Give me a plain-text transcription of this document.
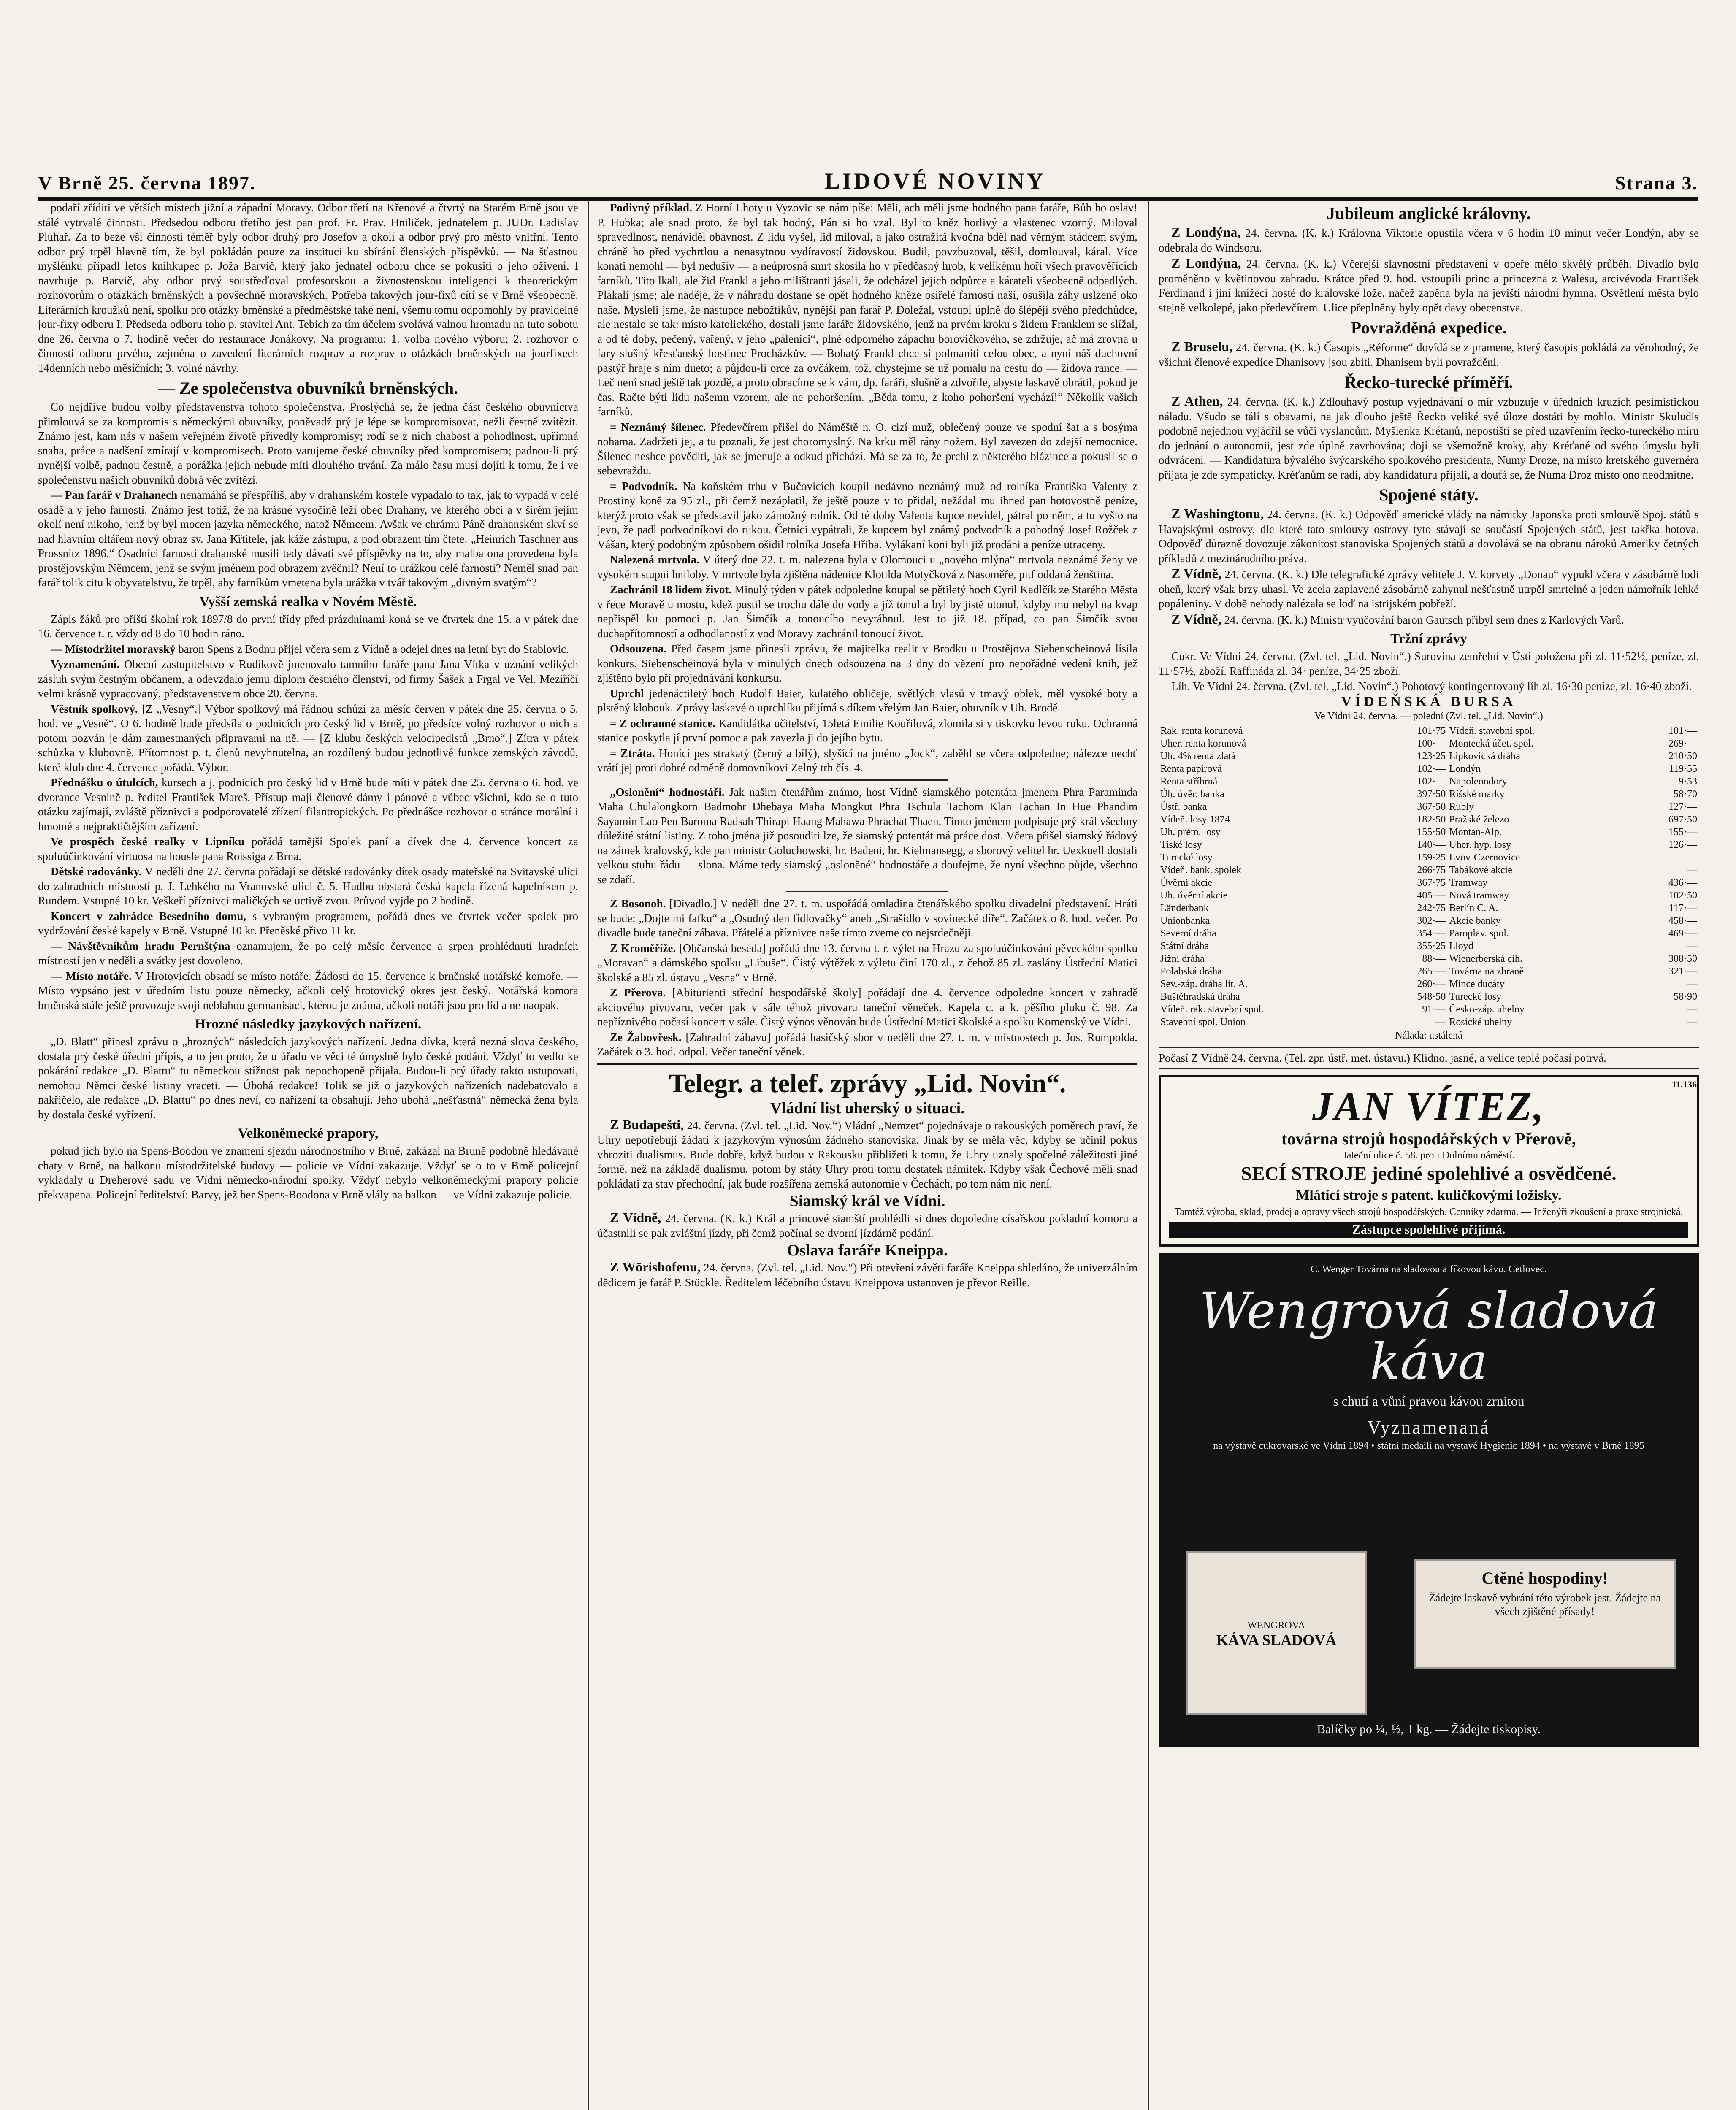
V Brně 25. června 1897.	LIDOVÉ NOVINY	Strana 3.

podaří zříditi ve větších místech jižní a západní Moravy. Odbor třetí na Křenové a čtvrtý na Starém Brně jsou ve stálé vytrvalé činnosti. Předsedou odboru třetího jest pan prof. Fr. Prav. Hniliček, jednatelem p. JUDr. Ladislav Pluhař. Za to beze vší činnosti téměř byly odbor druhý pro Josefov a okolí a odbor prvý pro město vnitřní. Tento odbor prý trpěl hlavně tím, že byl pokládán pouze za instituci ku sbírání členských příspěvků. — Na šťastnou myšlénku připadl letos knihkupec p. Joža Barvič, který jako jednatel odboru chce se pokusiti o jeho oživení. I navrhuje p. Barvič, aby odbor prvý soustřeďoval profesorskou a živnostenskou inteligenci k theoretickým rozhovorům o otázkách brněnských a povšechně moravských. Potřeba takových jour-fixů cítí se v Brně všeobecně. Literárních kroužků není, spolku pro otázky brněnské a předměstské také není, všemu tomu odpomohly by pravidelné jour-fixy odboru I. Předseda odboru toho p. stavitel Ant. Tebich za tím účelem svolává valnou hromadu na tuto sobotu dne 26. června o 7. hodině večer do restaurace Jonákovy. Na programu: 1. volba nového výboru; 2. rozhovor o činnosti odboru prvého, zejména o zavedení literárních rozprav a rozprav o otázkách brněnských na jourfixech 14denních nebo měsíčních; 3. volné návrhy.

— Ze společenstva obuvníků brněnských.

Co nejdříve budou volby představenstva tohoto společenstva. Proslýchá se, že jedna část českého obuvnictva přimlouvá se za kompromis s německými obuvníky, poněvadž prý je lépe se kompromisovat, nežli čestně zvítězit. Známo jest, kam nás v našem veřejném životě přivedly kompromisy; rodí se z nich chabost a pohodlnost, upřímná snaha, práce a nadšení zmírají v kompromisech. Proto varujeme české obuvníky před kompromisem; padnou-li prý nynější volbě, padnou čestně, a porážka jejich nebude míti dlouhého trvání. Za málo času musí dojíti k tomu, že i ve společenstvu našich obuvníků dobrá věc zvítězí.

— Pan farář v Drahanech nenamáhá se přespříliš, aby v drahanském kostele vypadalo to tak, jak to vypadá v celé osadě a v jeho farnosti. Známo jest totiž, že na krásné vysočině leží obec Drahany, ve kterého obci a v širém jejím okolí není nikoho, jenž by byl mocen jazyka německého, natož Němcem. Avšak ve chrámu Páně drahanském skví se nad hlavním oltářem nový obraz sv. Jana Křtitele, jak káže zástupu, a pod obrazem tím čtete: „Heinrich Taschner aus Prossnitz 1896.“ Osadníci farnosti drahanské musili tedy dávati své příspěvky na to, aby malba ona provedena byla prostějovským Němcem, jenž se svým jménem pod obrazem zvěčnil? Není to urážkou celé farnosti? Neměl snad pan farář tolik citu k obyvatelstvu, že trpěl, aby farníkům vmetena byla urážka v tvář takovým „divným svatým“?

Vyšší zemská realka v Novém Městě.

Zápis žáků pro příští školní rok 1897/8 do první třídy před prázdninami koná se ve čtvrtek dne 15. a v pátek dne 16. července t. r. vždy od 8 do 10 hodin ráno.

— Místodržitel moravský baron Spens z Bodnu přijel včera sem z Vídně a odejel dnes na letní byt do Stablovic.

Vyznamenání. Obecní zastupitelstvo v Rudíkově jmenovalo tamního faráře pana Jana Vítka v uznání velikých zásluh svým čestným občanem, a odevzdalo jemu diplom čestného členství, od firmy Šašek a Frgal ve Vel. Meziříčí velmi krásně vypracovaný, představenstvem obce 20. června.

Věstník spolkový. [Z „Vesny“.] Výbor spolkový má řádnou schůzi za měsíc červen v pátek dne 25. června o 5. hod. ve „Vesně“. O 6. hodině bude předsíla o podnicích pro český lid v Brně, po předsíce volný rozhovor o nich a potom pozván je dám zamestnaných připravami na ně. — [Z klubu českých velocipedistů „Brno“.] Zítra v pátek schůzka v klubovně. Přítomnost p. t. členů nevyhnutelna, an rozdílený budou jednotlivé funkce zemských závodů, které klub dne 4. července pořádá. Výbor.

Přednášku o útulcích, kursech a j. podnicích pro český lid v Brně bude míti v pátek dne 25. června o 6. hod. ve dvorance Vesnině p. ředitel František Mareš. Přístup mají členové dámy i pánové a vůbec všichni, kdo se o tuto otázku zajímají, zvláště příznivci a podporovatelé zřízení filantropických. Po přednášce rozhovor o stránce morální i hmotné a nejpraktičtějším zařízení.

Ve prospěch české realky v Lipníku pořádá tamější Spolek paní a dívek dne 4. července koncert za spoluúčinkování virtuosa na housle pana Roissiga z Brna.

Dětské radovánky. V neděli dne 27. června pořádají se dětské radovánky dítek osady mateřské na Svitavské ulici do zahradních místností p. J. Lehkého na Vranovské ulici č. 5. Hudbu obstará česká kapela řízená kapelníkem p. Rundem. Vstupné 10 kr. Veškeří příznivci maličkých se uctivě zvou. Průvod vyjde po 2 hodině.

Koncert v zahrádce Besedního domu, s vybraným programem, pořádá dnes ve čtvrtek večer spolek pro vydržování české kapely v Brně. Vstupné 10 kr. Přeněské přivo 11 kr.

— Návštěvníkům hradu Pernštýna oznamujem, že po celý měsíc červenec a srpen prohlédnutí hradních místností jen v neděli a svátky jest dovoleno.

— Místo notáře. V Hrotovicích obsadí se místo notáře. Žádosti do 15. července k brněnské notářské komoře. — Místo vypsáno jest v úředním listu pouze německy, ačkoli celý hrotovický okres jest český. Notářská komora brněnská stále ještě provozuje svoji neblahou germanisaci, kterou je známa, ačkoli notáři jsou pro lid a ne naopak.

Hrozné následky jazykových nařízení.

„D. Blatt“ přinesl zprávu o „hrozných“ následcích jazykových nařízení. Jedna dívka, která nezná slova českého, dostala prý české úřední přípis, a to jen proto, že u úřadu ve věci té úmyslně bylo české podání. Vždyť to vedlo ke pokárání redakce „D. Blattu“ tu německou stížnost pak nepochopeně přijala. Budou-li prý úřady takto ustupovati, nemohou Němci české listiny vraceti. — Úbohá redakce! Tolik se již o jazykových nařízeních nadebatovalo a nakřičelo, ale redakce „D. Blattu“ po dnes neví, co nařízení ta obsahují. Jeho ubohá „nešťastná“ německá žena byla by dostala české vyřízení.

Velkoněmecké prapory,

pokud jich bylo na Spens-Boodon ve znamení sjezdu národnostního v Brně, zakázal na Bruně podobně hledávané chaty v Brně, na balkonu místodržitelské budovy — policie ve Vídni zakazuje. Vždyť se o to v Brně policejní vykladaly u Dreherové sadu ve Vídni německo-národní spolky. Vždyť nebylo velkoněmeckými prapory policie překvapena. Policejní ředitelství: Barvy, jež ber Spens-Boodona v Brně vlály na balkon — ve Vídni zakazuje policie.

Podivný příklad. Z Horní Lhoty u Vyzovic se nám píše: Měli, ach měli jsme hodného pana faráře, Bůh ho oslav! P. Hubka; ale snad proto, že byl tak hodný, Pán si ho vzal. Byl to kněz horlivý a vlastenec vzorný. Miloval spravedlnost, nenáviděl obavnost. Z lidu vyšel, lid miloval, a jako ostražitá kvočna bděl nad věrným stádcem svým, chráně ho před vychrtlou a nenasytnou vydíravostí židovskou. Budil, povzbuzoval, těšil, domlouval, káral. Více konati nemohl — byl nedušív — a neúprosná smrt skosila ho v předčasný hrob, k velikému hoři všech pravověřících farníků. Tito lkali, ale žid Frankl a jeho milištranti jásali, že odcházel jejich odpůrce a kárateli všeobecně odpadlých. Plakali jsme; ale naděje, že v náhradu dostane se opět hodného kněze osiřelé farnosti naší, osušila záhy uslzené oko naše. Mysleli jsme, že nástupce nebožtíkův, nynější pan farář P. Doležal, vstoupí úplně do šlépějí svého předchůdce, ale nestalo se tak: místo katolického, dostali jsme faráře židovského, jenž na prvém kroku s židem Franklem se slížal, a od té doby, pečený, vařený, v jeho „pálenici“, plné odporného zápachu borovičkového, se zdržuje, ač má zrovna u fary slušný křesťanský hostinec Procházkův. — Bohatý Frankl chce si polmaniti celou obec, a nyní náš duchovní pastýř hraje s ním dueto; a půjdou-li orce za ovčákem, tož, chystejme se už pomalu na cestu do — židova rance. — Leč není snad ještě tak pozdě, a proto obracíme se k vám, dp. faráři, slušně a zdvořile, abyste laskavě obrátil, pokud je čas. Račte býti lidu našemu vzorem, ale ne pohoršením. „Běda tomu, z koho pohoršení vychází!“ Několik vašich farníků.

= Neznámý šílenec. Předevčírem přišel do Náměště n. O. cizí muž, oblečený pouze ve spodní šat a s bosýma nohama. Zadržeti jej, a tu poznali, že jest choromyslný. Na krku měl rány nožem. Byl zavezen do zdejší nemocnice. Šílenec neshce pověditi, jak se jmenuje a odkud přichází. Má se za to, že prchl z některého blázince a pokusil se o sebevraždu.

= Podvodník. Na koňském trhu v Bučovicích koupil nedávno neznámý muž od rolníka Františka Valenty z Prostiny koně za 95 zl., při čemž nezáplatil, že ještě pouze v to přidal, nežádal mu ihned pan hotovostně peníze, kterýž proto však se představil jako zámožný rolník. Od té doby Valenta kupce nevidel, pátral po něm, a tu vyšlo na jevo, že padl podvodníkovi do rukou. Četníci vypátrali, že kupcem byl známý podvodník a pohodný Josef Rožček z Vášan, který podobným způsobem ošidil rolníka Josefa Hřiba. Vylákaní koni byli již prodáni a peníze utraceny.

Nalezená mrtvola. V úterý dne 22. t. m. nalezena byla v Olomouci u „nového mlýna“ mrtvola neznámé ženy ve vysokém stupni hniloby. V mrtvole byla zjištěna nádenice Klotilda Motyčková z Nasoměře, pitf oddaná ženština.

Zachránil 18 lidem život. Minulý týden v pátek odpoledne koupal se pětiletý hoch Cyril Kadlčík ze Starého Města v řece Moravě u mostu, kdež pustil se trochu dále do vody a jíž tonul a byl by jistě utonul, kdyby mu nebyl na kvap nepřispěl ku pomoci p. Jan Šimčík a tonoucího nevytáhnul. Jest to již 18. případ, co pan Šimčík svou duchapřítomností a odhodlaností z vod Moravy zachránil tonoucí život.

Odsouzena. Před časem jsme přinesli zprávu, že majitelka realit v Brodku u Prostějova Siebenscheinová lísila konkurs. Siebenscheinová byla v minulých dnech odsouzena na 3 dny do vězení pro nepořádné vedení knih, jež zjištěno bylo při projednávání konkursu.

Uprchl jedenáctiletý hoch Rudolf Baier, kulatého obličeje, světlých vlasů v tmavý oblek, měl vysoké boty a plstěný klobouk. Zprávy laskavé o uprchlíku přijímá s díkem vřelým Jan Baier, obuvník v Uh. Brodě.

= Z ochranné stanice. Kandidátka učitelství, 15letá Emilie Kouřilová, zlomila si v tiskovku levou ruku. Ochranná stanice poskytla jí první pomoc a pak zavezla ji do jejího bytu.

= Ztráta. Honící pes strakatý (černý a bílý), slyšící na jméno „Jock“, zaběhl se včera odpoledne; nálezce nechť vrátí jej proti dobré odměně domovníkovi Zelný trh čís. 4.

„Oslonění“ hodnostáři. Jak našim čtenářům známo, host Vídně siamského potentáta jmenem Phra Paraminda Maha Chulalongkorn Badmohr Dhebaya Maha Mongkut Phra Tschula Tachom Klan Tachan In Hue Phandim Sayamin Lao Pen Baroma Radsah Thirapi Haang Mahawa Phrachat Thaen. Timto jménem podpisuje prý král všechny důležité státní listiny. Z toho jména již posouditi lze, že siamský potentát má práce dost. Včera přišel siamský řádový na zámek kralovský, kde pan ministr Goluchowski, hr. Badeni, hr. Kielmansegg, a sborový velitel hr. Uexkuell dostali velkou stuhu řádu — slona. Máme tedy siamský „osloněné“ hodnostáře a doufejme, že nyní všechno půjde, všechno se zdaří.

Z Bosonoh. [Divadlo.] V neděli dne 27. t. m. uspořádá omladina čtenářského spolku divadelní představení. Hráti se bude: „Dojte mi fafku“ a „Osudný den fidlovačky“ aneb „Strašidlo v sovinecké díře“. Začátek o 8. hod. večer. Po divadle bude taneční zábava. Přátelé a příznivce naše tímto zveme co nejsrdečněji.

Z Kroměříže. [Občanská beseda] pořádá dne 13. června t. r. výlet na Hrazu za spoluúčinkování pěveckého spolku „Moravan“ a dámského spolku „Libuše“. Čistý výtěžek z výletu činí 170 zl., z čehož 85 zl. zaslány Ústřední Matici školské a 85 zl. ústavu „Vesna“ v Brně.

Z Přerova. [Abiturienti střední hospodářské školy] pořádají dne 4. července odpoledne koncert v zahradě akciového pivovaru, večer pak v sále téhož pivovaru taneční věneček. Kapela c. a k. pěšího pluku č. 98. Za nepříznivého počasí koncert v sále. Čistý výnos věnován bude Ústřední Matici školské a spolku Komenský ve Vídni.

Ze Žabovřesk. [Zahradní zábavu] pořádá hasičský sbor v neděli dne 27. t. m. v místnostech p. Jos. Rumpolda. Začátek o 3. hod. odpol. Večer taneční věnek.

Telegr. a telef. zprávy „Lid. Novin“.
Vládní list uherský o situaci.

Z Budapešti, 24. června. (Zvl. tel. „Lid. Nov.“) Vládní „Nemzet“ pojednávaje o rakouských poměrech praví, že Uhry nepotřebují žádati k jazykovým výnosům žádného stanoviska. Jinak by se měla věc, kdyby se učinil pokus vhroziti dualismus. Bude dobře, když budou v Rakousku přibližeti k tomu, že Uhry uznaly spočelné záležitosti jiné formě, než na základě dualismu, potom by státy Uhry proti tomu dostatek námitek. Kdyby však Čechové měli snad pokládati za stav přechodní, jak bude rozšířena zemská autonomie v Čechách, po tom nám nic není.

Siamský král ve Vídni.

Z Vídně, 24. června. (K. k.) Král a princové siamští prohlédli si dnes dopoledne císařskou pokladní komoru a účastnili se pak zvláštní jízdy, při čemž počínal se dvorní jízdárně podání.

Oslava faráře Kneippa.

Z Wörishofenu, 24. června. (Zvl. tel. „Lid. Nov.“) Při otevření závěti faráře Kneippa shledáno, že univerzálním dědicem je farář P. Stückle. Ředitelem léčebního ústavu Kneippova ustanoven je převor Reille.

Jubileum anglické královny.

Z Londýna, 24. června. (K. k.) Královna Viktorie opustila včera v 6 hodin 10 minut večer Londýn, aby se odebrala do Windsoru.

Z Londýna, 24. června. (K. k.) Včerejší slavnostní představení v opeře mělo skvělý průběh. Divadlo bylo proměněno v květinovou zahradu. Krátce před 9. hod. vstoupili princ a princezna z Walesu, arcivévoda František Ferdinand i jiní knížecí hosté do královské lože, načež zapěna byla na jevišti národní hymna. Osvětlení města bylo stejně velkolepé, jako předevčírem. Ulice přeplněny byly opět davy obecenstva.

Povražděná expedice.

Z Bruselu, 24. června. (K. k.) Časopis „Réforme“ dovídá se z pramene, který časopis pokládá za věrohodný, že všichni členové expedice Dhanisovy jsou zbiti. Dhanisem byli povražděni.

Řecko-turecké příměří.

Z Athen, 24. června. (K. k.) Zdlouhavý postup vyjednávání o mír vzbuzuje v úředních kruzích pesimistickou náladu. Všudo se tálí s obavami, na jak dlouho ještě Řecko veliké své úloze dostáti by mohlo. Ministr Skuludis podobně nejednou vyjádřil se vůči vyslancům. Myšlenka Krétanů, nepostiští se před uzavřením řecko-tureckého míru do jednání o autonomii, jest zde úplně zavrhována; dojí se všemožně kroky, aby Kréťané od svého úmyslu byli odvráceni. — Kandidatura bývalého švýcarského spolkového presidenta, Numy Droze, na místo kretského guvernéra přijata je zde sympaticky. Kréťanům se radí, aby kandidaturu přijali, a doufá se, že Numa Droz místo ono neodmítne.

Spojené státy.

Z Washingtonu, 24. června. (K. k.) Odpověď americké vlády na námitky Japonska proti smlouvě Spoj. států s Havajskými ostrovy, dle které tato smlouvy ostrovy tyto stávají se součástí Spojených států, jest takřka hotova. Odpověď důrazně dovozuje zákonitost stanoviska Spojených států a dovolává se na obranu nároků Ameriky četných příkladů z mezinárodního práva.

Z Vídně, 24. června. (K. k.) Dle telegrafické zprávy velitele J. V. korvety „Donau“ vypukl včera v zásobárně lodi oheň, který však brzy uhasl. Ve zcela zaplavené zásobárně zahynul nešťastně utrpěl smrtelné a jeden námořník lehké popáleniny. V době nehody nalézala se loď na istrijském pobřeží.

Z Vídně, 24. června. (K. k.) Ministr vyučování baron Gautsch přibyl sem dnes z Karlových Varů.

Tržní zprávy

Cukr. Ve Vídni 24. června. (Zvl. tel. „Lid. Novin“.) Surovina zemřelní v Ústí položena při zl. 11·52½, penízе, zl. 11·57½, zboží. Raffináda zl. 34· peníze, 34·25 zboží.

Líh. Ve Vídni 24. června. (Zvl. tel. „Lid. Novin“.) Pohotový kontingentovaný líh zl. 16·30 peníze, zl. 16·40 zboží.

VÍDEŇSKÁ BURSA

Ve Vídni 24. června. — polední (Zvl. tel. „Lid. Novin“.)

Rak. renta korunová	101·75	Vídeň. stavební spol.	101·—
Uher. renta korunová	100·—	Montecká účet. spol.	269·—
Uh. 4% renta zlatá	123·25	Lipkovická dráha	210·50
Renta papírová	102·—	Londýn	119·55
Renta stříbrná	102·—	Napoleondory	9·53
Úh. úvěr. banka	397·50	Ríšské marky	58·70
Ústř. banka	367·50	Rubly	127·—
Vídeň. losy 1874	182·50	Pražské železo	697·50
Uh. prém. losy	155·50	Montan-Alp.	155·—
Tiské losy	140·—	Uher. hyp. losy	126·—
Turecké losy	159·25	Lvov-Czernovice	—
Vídeň. bank. spolek	266·75	Tabákové akcie	—
Úvěrní akcie	367·75	Tramway	436·—
Uh. úvěrní akcie	405·—	Nová tramway	102·50
Länderbank	242·75	Berlín C. A.	117·—
Unionbanka	302·—	Akcie banky	458·—
Severní dráha	354·—	Paroplav. spol.	469·—
Státní dráha	355·25	Lloyd	—
Jižní dráha	88·—	Wienerberská cih.	308·50
Polabská dráha	265·—	Továrna na zbraně	321·—
Sev.-záp. dráha lit. A.	260·—	Mince ducáty	—
Buštěhradská dráha	548·50	Turecké losy	58·90
Vídeň. rak. stavební spol.	91·—	Česko-záp. uhelny	—
Stavební spol. Union	—	Rosické uhelny	—

Nálada: ustálená

Počasí Z Vídně 24. června. (Tel. zpr. ústř. met. ústavu.) Klidno, jasné, a velice teplé počasí potrvá.

11.136
JAN VÍTEZ,
továrna strojů hospodářských v Přerově,
Jateční ulice č. 58. proti Dolnímu náměstí.
SECÍ STROJE jediné spolehlivé a osvědčené.
Mlátící stroje s patent. kuličkovými ložisky.
Tamtéž výroba, sklad, prodej a opravy všech strojů hospodářských. Cenníky zdarma. — Inženýři zkoušení a praxe strojnická.
Zástupce spolehlivé přijímá.
C. Wenger Továrna na sladovou a fíkovou kávu. Cetlovec.
Wengrová sladová káva
s chutí a vůní pravou kávou zrnitou
Vyznamenaná
na výstavě cukrovarské ve Vídni 1894 • státní medailí na výstavě Hygienic 1894 • na výstavě v Brně 1895
WENGROVA
KÁVA SLADOVÁ
Ctěné hospodiny!
Žádejte laskavě vybrání této výrobek jest. Žádejte na všech zjištěné přísady!
Balíčky po ¼, ½, 1 kg. — Žádejte tiskopisy.
